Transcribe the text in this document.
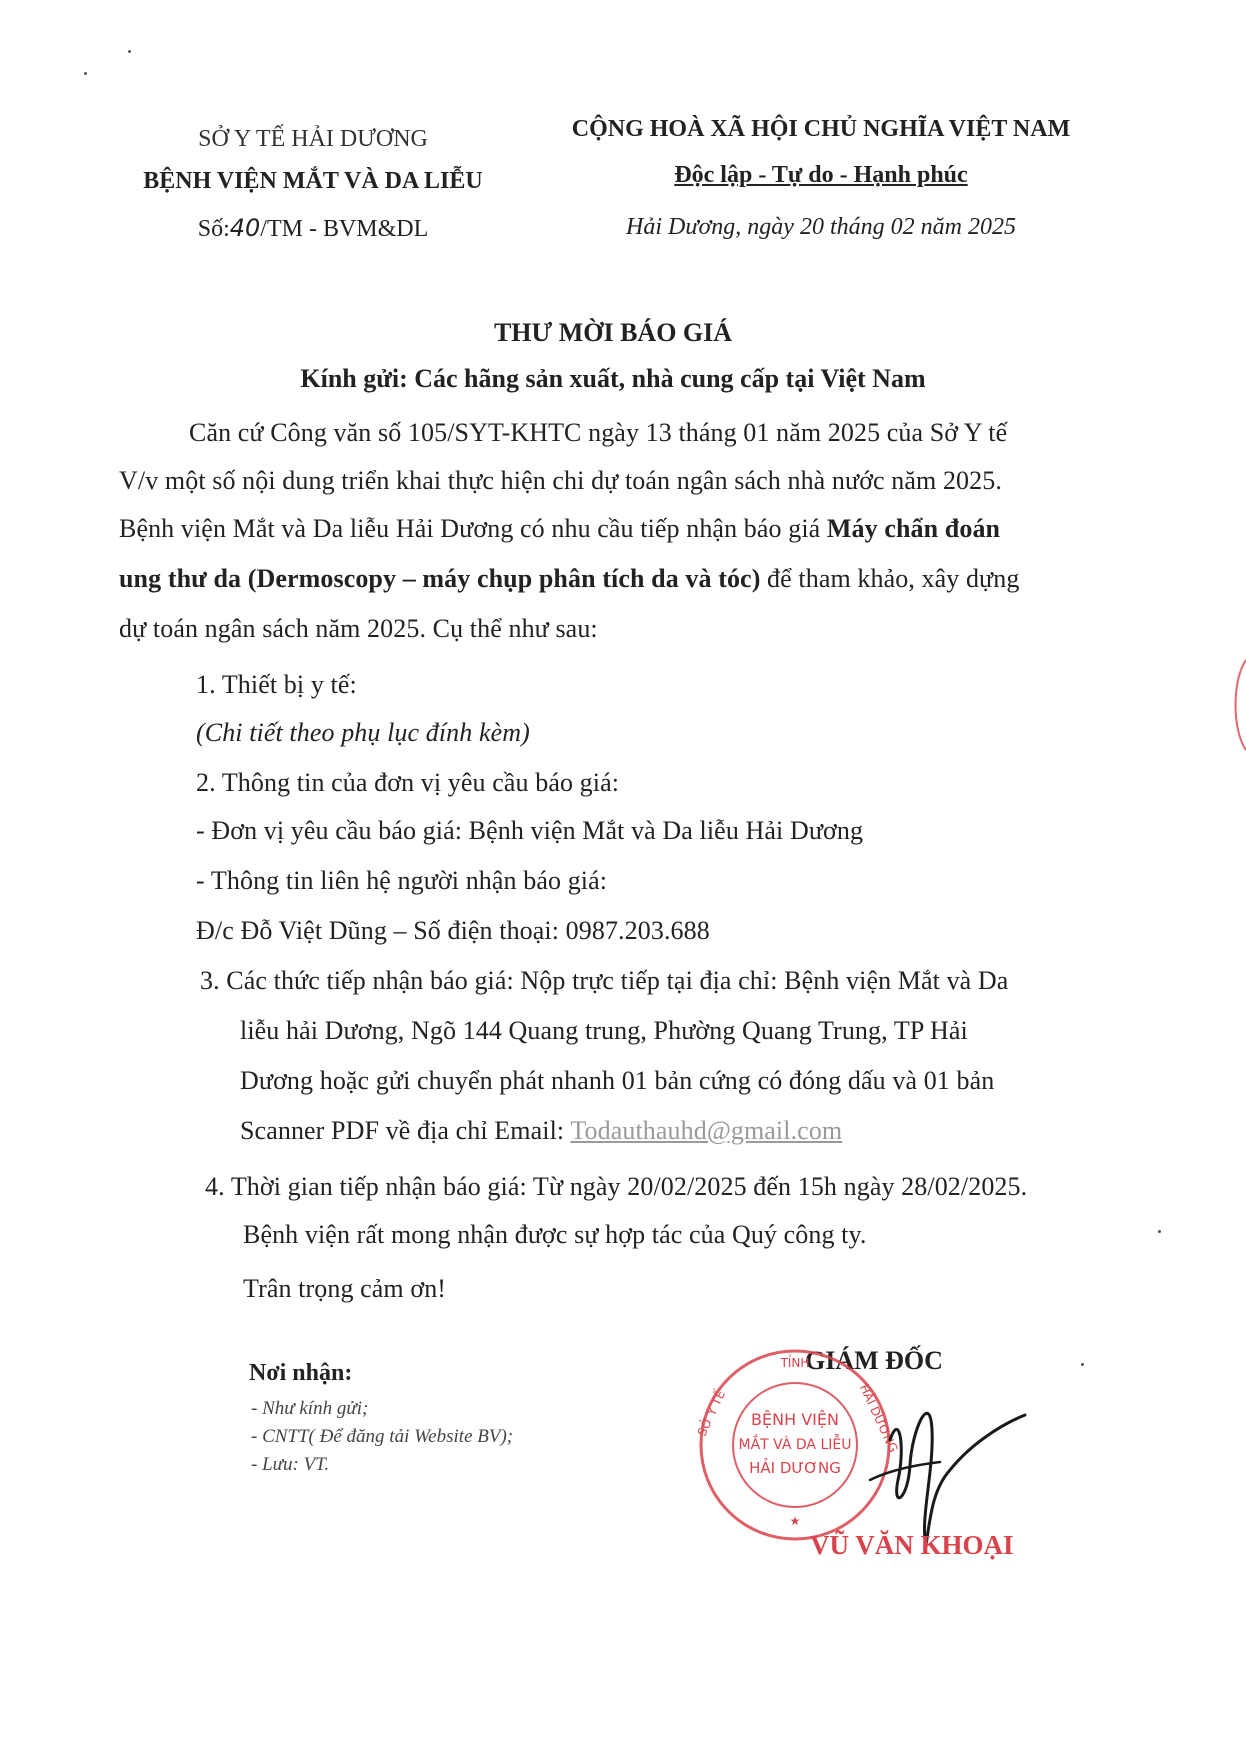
SỞ Y TẾ HẢI DƯƠNG
BỆNH VIỆN MẮT VÀ DA LIỄU
Số:40/TM - BVM&DL
CỘNG HOÀ XÃ HỘI CHỦ NGHĨA VIỆT NAM
Độc lập - Tự do - Hạnh phúc
Hải Dương, ngày 20 tháng 02 năm 2025
THƯ MỜI BÁO GIÁ
Kính gửi: Các hãng sản xuất, nhà cung cấp tại Việt Nam
Căn cứ Công văn số 105/SYT-KHTC ngày 13 tháng 01 năm 2025 của Sở Y tế
V/v một số nội dung triển khai thực hiện chi dự toán ngân sách nhà nước năm 2025.
Bệnh viện Mắt và Da liễu Hải Dương có nhu cầu tiếp nhận báo giá Máy chẩn đoán
ung thư da (Dermoscopy – máy chụp phân tích da và tóc) để tham khảo, xây dựng
dự toán ngân sách năm 2025. Cụ thể như sau:
1. Thiết bị y tế:
(Chi tiết theo phụ lục đính kèm)
2. Thông tin của đơn vị yêu cầu báo giá:
- Đơn vị yêu cầu báo giá: Bệnh viện Mắt và Da liễu Hải Dương
- Thông tin liên hệ người nhận báo giá:
Đ/c Đỗ Việt Dũng – Số điện thoại: 0987.203.688
3. Các thức tiếp nhận báo giá: Nộp trực tiếp tại địa chỉ: Bệnh viện Mắt và Da
liễu hải Dương, Ngõ 144 Quang trung, Phường Quang Trung, TP Hải
Dương hoặc gửi chuyển phát nhanh 01 bản cứng có đóng dấu và 01 bản
Scanner PDF về địa chỉ Email: Todauthauhd@gmail.com
4. Thời gian tiếp nhận báo giá: Từ ngày 20/02/2025 đến 15h ngày 28/02/2025.
Bệnh viện rất mong nhận được sự hợp tác của Quý công ty.
Trân trọng cảm ơn!
Nơi nhận:
- Như kính gửi;
- CNTT( Để đăng tải Website BV);
- Lưu: VT.
GIÁM ĐỐC
TỈNH
SỞ Y TẾ	HẢI DƯƠNG
BỆNH VIỆN
MẮT VÀ DA LIỄU
HẢI DƯƠNG
★
VŨ VĂN KHOẠI
